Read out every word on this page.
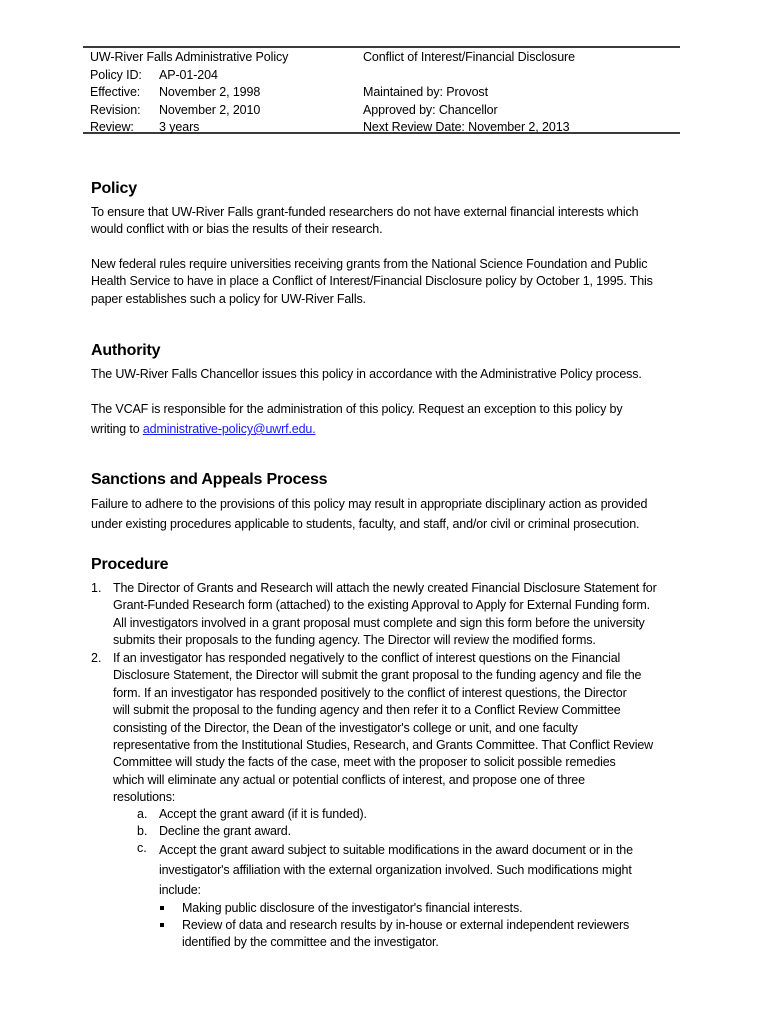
UW-River Falls Administrative Policy
Policy ID: AP-01-204
Effective: November 2, 1998
Revision: November 2, 2010
Review: 3 years
Conflict of Interest/Financial Disclosure
Maintained by: Provost
Approved by: Chancellor
Next Review Date: November 2, 2013
Policy
To ensure that UW-River Falls grant-funded researchers do not have external financial interests which
would conflict with or bias the results of their research.
New federal rules require universities receiving grants from the National Science Foundation and Public
Health Service to have in place a Conflict of Interest/Financial Disclosure policy by October 1, 1995. This
paper establishes such a policy for UW-River Falls.
Authority
The UW-River Falls Chancellor issues this policy in accordance with the Administrative Policy process.
The VCAF is responsible for the administration of this policy. Request an exception to this policy by
writing to administrative-policy@uwrf.edu.
Sanctions and Appeals Process
Failure to adhere to the provisions of this policy may result in appropriate disciplinary action as provided
under existing procedures applicable to students, faculty, and staff, and/or civil or criminal prosecution.
Procedure
1. The Director of Grants and Research will attach the newly created Financial Disclosure Statement for
Grant-Funded Research form (attached) to the existing Approval to Apply for External Funding form.
All investigators involved in a grant proposal must complete and sign this form before the university
submits their proposals to the funding agency. The Director will review the modified forms.
2. If an investigator has responded negatively to the conflict of interest questions on the Financial
Disclosure Statement, the Director will submit the grant proposal to the funding agency and file the
form. If an investigator has responded positively to the conflict of interest questions, the Director
will submit the proposal to the funding agency and then refer it to a Conflict Review Committee
consisting of the Director, the Dean of the investigator's college or unit, and one faculty
representative from the Institutional Studies, Research, and Grants Committee. That Conflict Review
Committee will study the facts of the case, meet with the proposer to solicit possible remedies
which will eliminate any actual or potential conflicts of interest, and propose one of three
resolutions:
a. Accept the grant award (if it is funded).
b. Decline the grant award.
c. Accept the grant award subject to suitable modifications in the award document or in the
investigator's affiliation with the external organization involved. Such modifications might
include:
Making public disclosure of the investigator's financial interests.
Review of data and research results by in-house or external independent reviewers
identified by the committee and the investigator.
